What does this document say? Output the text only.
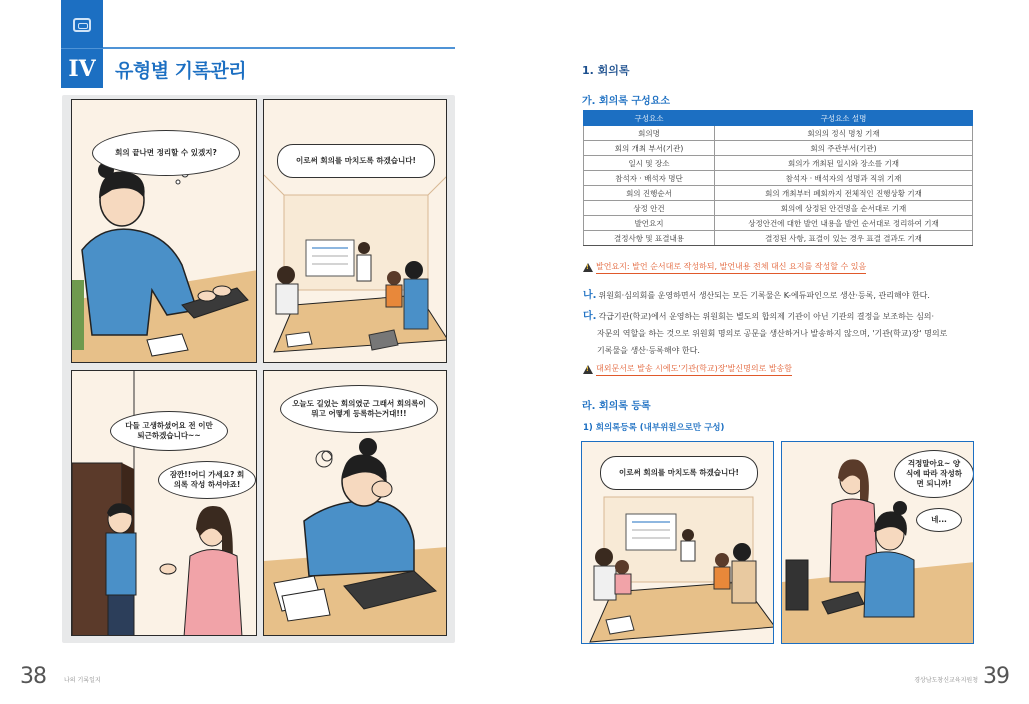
IV	유형별 기록관리
회의 끝나면 정리할 수 있겠지?
이로써 회의를 마치도록 하겠습니다!
다들 고생하셨어요 전 이만 퇴근하겠습니다~~
잠깐!!어디 가세요? 회의록 작성 하셔야죠!
오늘도 길었는 회의였군 그래서 회의록이 뭐고 어떻게 등록하는거대!!!
38	나의 기록일지
1. 회의록
가. 회의록 구성요소
구성요소	구성요소 설명
회의명	회의의 정식 명칭 기재
회의 개최 부서(기관)	회의 주관부서(기관)
일시 및 장소	회의가 개최된 일시와 장소를 기재
참석자 · 배석자 명단	참석자 · 배석자의 성명과 직위 기재
회의 진행순서	회의 개최부터 폐회까지 전체적인 진행상황 기재
상정 안건	회의에 상정된 안건명을 순서대로 기재
발언요지	상정안건에 대한 발언 내용을 발언 순서대로 정리하여 기재
결정사항 및 표결내용	결정된 사항, 표결이 있는 경우 표결 결과도 기재
!
발언요지: 발언 순서대로 작성하되, 발언내용 전체 대신 요지를 작성할 수 있음
나. 위원회·심의회를 운영하면서 생산되는 모든 기록물은 K-에듀파인으로 생산·등록, 관리해야 한다.
다. 각급기관(학교)에서 운영하는 위원회는 별도의 합의제 기관이 아닌 기관의 결정을 보조하는 심의·
자문의 역할을 하는 것으로 위원회 명의로 공문을 생산하거나 발송하지 않으며, '기관(학교)장' 명의로
기록물을 생산·등록해야 한다.
!
대외문서로 발송 시에도'기관(학교)장'발신명의로 발송함
라. 회의록 등록
1) 회의록등록 (내부위원으로만 구성)
이로써 회의를 마치도록 하겠습니다!
걱정말아요~ 양식에 따라 작성하면 되니까!
네...
경상남도창신교육지원청 39
